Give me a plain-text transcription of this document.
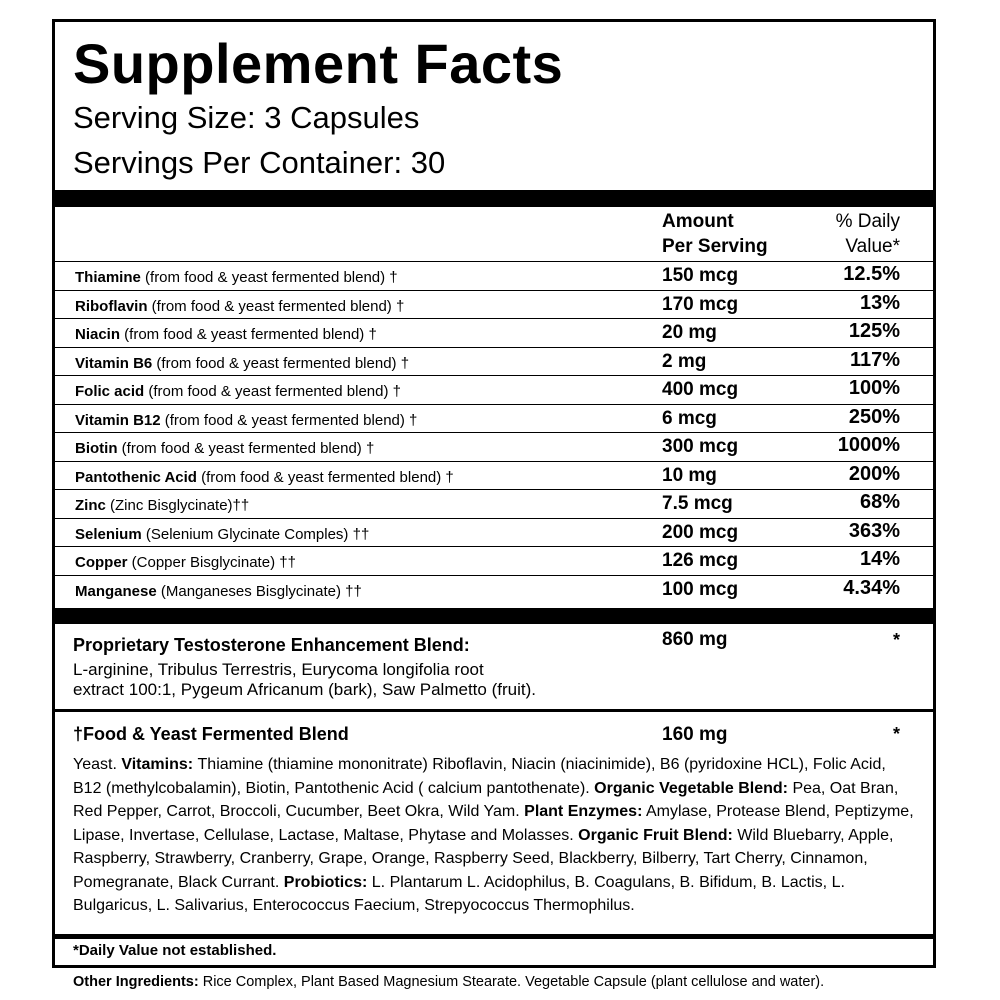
Supplement Facts
Serving Size: 3 Capsules
Servings Per Container: 30
Amount
Per Serving
% Daily
Value*
Thiamine (from food & yeast fermented blend) †	150 mcg	12.5%
Riboflavin (from food & yeast fermented blend) †	170 mcg	13%
Niacin (from food & yeast fermented blend) †	20 mg	125%
Vitamin B6 (from food & yeast fermented blend) †	2 mg	117%
Folic acid (from food & yeast fermented blend) †	400 mcg	100%
Vitamin B12 (from food & yeast fermented blend) †	6 mcg	250%
Biotin (from food & yeast fermented blend) †	300 mcg	1000%
Pantothenic Acid (from food & yeast fermented blend) †	10 mg	200%
Zinc (Zinc Bisglycinate)††	7.5 mcg	68%
Selenium (Selenium Glycinate Comples) ††	200 mcg	363%
Copper (Copper Bisglycinate) ††	126 mcg	14%
Manganese (Manganeses Bisglycinate) ††	100 mcg	4.34%
Proprietary Testosterone Enhancement Blend:	860 mg	*
L-arginine, Tribulus Terrestris, Eurycoma longifolia root
extract 100:1, Pygeum Africanum (bark), Saw Palmetto (fruit).
†Food & Yeast Fermented Blend	160 mg	*
Yeast. Vitamins: Thiamine (thiamine mononitrate) Riboflavin, Niacin (niacinimide), B6 (pyridoxine HCL), Folic Acid, B12 (methylcobalamin), Biotin, Pantothenic Acid ( calcium pantothenate). Organic Vegetable Blend: Pea, Oat Bran, Red Pepper, Carrot, Broccoli, Cucumber, Beet Okra, Wild Yam. Plant Enzymes: Amylase, Protease Blend, Peptizyme, Lipase, Invertase, Cellulase, Lactase, Maltase, Phytase and Molasses. Organic Fruit Blend: Wild Bluebarry, Apple, Raspberry, Strawberry, Cranberry, Grape, Orange, Raspberry Seed, Blackberry, Bilberry, Tart Cherry, Cinnamon, Pomegranate, Black Currant. Probiotics: L. Plantarum L. Acidophilus, B. Coagulans, B. Bifidum, B. Lactis, L. Bulgaricus, L. Salivarius, Enterococcus Faecium, Strepyococcus Thermophilus.
*Daily Value not established.
Other Ingredients: Rice Complex, Plant Based Magnesium Stearate. Vegetable Capsule (plant cellulose and water).
